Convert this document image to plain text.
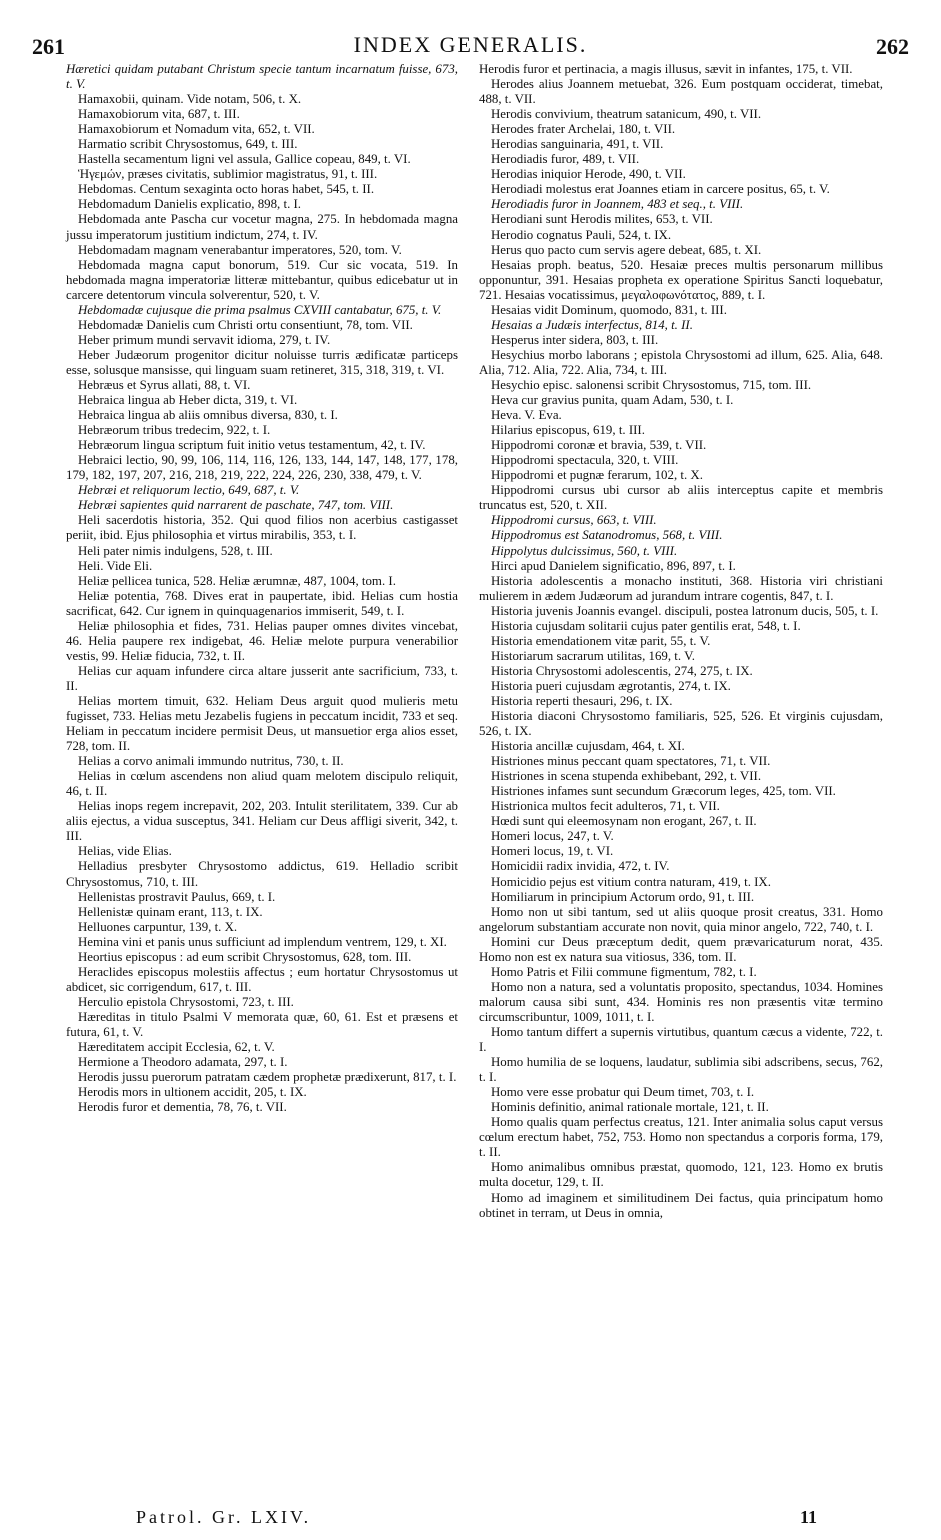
261	INDEX GENERALIS.	262

Hæretici quidam putabant Christum specie tantum incarnatum fuisse, 673, t. V.

Hamaxobii, quinam. Vide notam, 506, t. X.

Hamaxobiorum vita, 687, t. III.

Hamaxobiorum et Nomadum vita, 652, t. VII.

Harmatio scribit Chrysostomus, 649, t. III.

Hastella secamentum ligni vel assula, Gallice copeau, 849, t. VI.

Ἡγεμών, præses civitatis, sublimior magistratus, 91, t. III.

Hebdomas. Centum sexaginta octo horas habet, 545, t. II.

Hebdomadum Danielis explicatio, 898, t. I.

Hebdomada ante Pascha cur vocetur magna, 275. In hebdomada magna jussu imperatorum justitium indictum, 274, t. IV.

Hebdomadam magnam venerabantur imperatores, 520, tom. V.

Hebdomada magna caput bonorum, 519. Cur sic vocata, 519. In hebdomada magna imperatoriæ litteræ mittebantur, quibus edicebatur ut in carcere detentorum vincula solverentur, 520, t. V.

Hebdomadæ cujusque die prima psalmus CXVIII cantabatur, 675, t. V.

Hebdomadæ Danielis cum Christi ortu consentiunt, 78, tom. VII.

Heber primum mundi servavit idioma, 279, t. IV.

Heber Judæorum progenitor dicitur noluisse turris ædificatæ particeps esse, solusque mansisse, qui linguam suam retineret, 315, 318, 319, t. VI.

Hebræus et Syrus allati, 88, t. VI.

Hebraica lingua ab Heber dicta, 319, t. VI.

Hebraica lingua ab aliis omnibus diversa, 830, t. I.

Hebræorum tribus tredecim, 922, t. I.

Hebræorum lingua scriptum fuit initio vetus testamentum, 42, t. IV.

Hebraici lectio, 90, 99, 106, 114, 116, 126, 133, 144, 147, 148, 177, 178, 179, 182, 197, 207, 216, 218, 219, 222, 224, 226, 230, 338, 479, t. V.

Hebræi et reliquorum lectio, 649, 687, t. V.

Hebræi sapientes quid narrarent de paschate, 747, tom. VIII.

Heli sacerdotis historia, 352. Qui quod filios non acerbius castigasset periit, ibid. Ejus philosophia et virtus mirabilis, 353, t. I.

Heli pater nimis indulgens, 528, t. III.

Heli. Vide Eli.

Heliæ pellicea tunica, 528. Heliæ ærumnæ, 487, 1004, tom. I.

Heliæ potentia, 768. Dives erat in paupertate, ibid. Helias cum hostia sacrificat, 642. Cur ignem in quinquagenarios immiserit, 549, t. I.

Heliæ philosophia et fides, 731. Helias pauper omnes divites vincebat, 46. Helia paupere rex indigebat, 46. Heliæ melote purpura venerabilior vestis, 99. Heliæ fiducia, 732, t. II.

Helias cur aquam infundere circa altare jusserit ante sacrificium, 733, t. II.

Helias mortem timuit, 632. Heliam Deus arguit quod mulieris metu fugisset, 733. Helias metu Jezabelis fugiens in peccatum incidit, 733 et seq. Heliam in peccatum incidere permisit Deus, ut mansuetior erga alios esset, 728, tom. II.

Helias a corvo animali immundo nutritus, 730, t. II.

Helias in cœlum ascendens non aliud quam melotem discipulo reliquit, 46, t. II.

Helias inops regem increpavit, 202, 203. Intulit sterilitatem, 339. Cur ab aliis ejectus, a vidua susceptus, 341. Heliam cur Deus affligi siverit, 342, t. III.

Helias, vide Elias.

Helladius presbyter Chrysostomo addictus, 619. Helladio scribit Chrysostomus, 710, t. III.

Hellenistas prostravit Paulus, 669, t. I.

Hellenistæ quinam erant, 113, t. IX.

Helluones carpuntur, 139, t. X.

Hemina vini et panis unus sufficiunt ad implendum ventrem, 129, t. XI.

Heortius episcopus : ad eum scribit Chrysostomus, 628, tom. III.

Heraclides episcopus molestiis affectus ; eum hortatur Chrysostomus ut abdicet, sic corrigendum, 617, t. III.

Herculio epistola Chrysostomi, 723, t. III.

Hæreditas in titulo Psalmi V memorata quæ, 60, 61. Est et præsens et futura, 61, t. V.

Hæreditatem accipit Ecclesia, 62, t. V.

Hermione a Theodoro adamata, 297, t. I.

Herodis jussu puerorum patratam cædem prophetæ prædixerunt, 817, t. I.

Herodis mors in ultionem accidit, 205, t. IX.

Herodis furor et dementia, 78, 76, t. VII.

Herodis furor et pertinacia, a magis illusus, sævit in infantes, 175, t. VII.

Herodes alius Joannem metuebat, 326. Eum postquam occiderat, timebat, 488, t. VII.

Herodis convivium, theatrum satanicum, 490, t. VII.

Herodes frater Archelai, 180, t. VII.

Herodias sanguinaria, 491, t. VII.

Herodiadis furor, 489, t. VII.

Herodias iniquior Herode, 490, t. VII.

Herodiadi molestus erat Joannes etiam in carcere positus, 65, t. V.

Herodiadis furor in Joannem, 483 et seq., t. VIII.

Herodiani sunt Herodis milites, 653, t. VII.

Herodio cognatus Pauli, 524, t. IX.

Herus quo pacto cum servis agere debeat, 685, t. XI.

Hesaias proph. beatus, 520. Hesaiæ preces multis personarum millibus opponuntur, 391. Hesaias propheta ex operatione Spiritus Sancti loquebatur, 721. Hesaias vocatissimus, μεγαλοφωνότατος, 889, t. I.

Hesaias vidit Dominum, quomodo, 831, t. III.

Hesaias a Judæis interfectus, 814, t. II.

Hesperus inter sidera, 803, t. III.

Hesychius morbo laborans ; epistola Chrysostomi ad illum, 625. Alia, 648. Alia, 712. Alia, 722. Alia, 734, t. III.

Hesychio episc. salonensi scribit Chrysostomus, 715, tom. III.

Heva cur gravius punita, quam Adam, 530, t. I.

Heva. V. Eva.

Hilarius episcopus, 619, t. III.

Hippodromi coronæ et bravia, 539, t. VII.

Hippodromi spectacula, 320, t. VIII.

Hippodromi et pugnæ ferarum, 102, t. X.

Hippodromi cursus ubi cursor ab aliis interceptus capite et membris truncatus est, 520, t. XII.

Hippodromi cursus, 663, t. VIII.

Hippodromus est Satanodromus, 568, t. VIII.

Hippolytus dulcissimus, 560, t. VIII.

Hirci apud Danielem significatio, 896, 897, t. I.

Historia adolescentis a monacho instituti, 368. Historia viri christiani mulierem in ædem Judæorum ad jurandum intrare cogentis, 847, t. I.

Historia juvenis Joannis evangel. discipuli, postea latronum ducis, 505, t. I.

Historia cujusdam solitarii cujus pater gentilis erat, 548, t. I.

Historia emendationem vitæ parit, 55, t. V.

Historiarum sacrarum utilitas, 169, t. V.

Historia Chrysostomi adolescentis, 274, 275, t. IX.

Historia pueri cujusdam ægrotantis, 274, t. IX.

Historia reperti thesauri, 296, t. IX.

Historia diaconi Chrysostomo familiaris, 525, 526. Et virginis cujusdam, 526, t. IX.

Historia ancillæ cujusdam, 464, t. XI.

Histriones minus peccant quam spectatores, 71, t. VII.

Histriones in scena stupenda exhibebant, 292, t. VII.

Histriones infames sunt secundum Græcorum leges, 425, tom. VII.

Histrionica multos fecit adulteros, 71, t. VII.

Hœdi sunt qui eleemosynam non erogant, 267, t. II.

Homeri locus, 247, t. V.

Homeri locus, 19, t. VI.

Homicidii radix invidia, 472, t. IV.

Homicidio pejus est vitium contra naturam, 419, t. IX.

Homiliarum in principium Actorum ordo, 91, t. III.

Homo non ut sibi tantum, sed ut aliis quoque prosit creatus, 331. Homo angelorum substantiam accurate non novit, quia minor angelo, 722, 740, t. I.

Homini cur Deus præceptum dedit, quem prævaricaturum norat, 435. Homo non est ex natura sua vitiosus, 336, tom. II.

Homo Patris et Filii commune figmentum, 782, t. I.

Homo non a natura, sed a voluntatis proposito, spectandus, 1034. Homines malorum causa sibi sunt, 434. Hominis res non præsentis vitæ termino circumscribuntur, 1009, 1011, t. I.

Homo tantum differt a supernis virtutibus, quantum cæcus a vidente, 722, t. I.

Homo humilia de se loquens, laudatur, sublimia sibi adscribens, secus, 762, t. I.

Homo vere esse probatur qui Deum timet, 703, t. I.

Hominis definitio, animal rationale mortale, 121, t. II.

Homo qualis quam perfectus creatus, 121. Inter animalia solus caput versus cœlum erectum habet, 752, 753. Homo non spectandus a corporis forma, 179, t. II.

Homo animalibus omnibus præstat, quomodo, 121, 123. Homo ex brutis multa docetur, 129, t. II.

Homo ad imaginem et similitudinem Dei factus, quia principatum homo obtinet in terram, ut Deus in omnia,

Patrol. Gr. LXIV.	11
